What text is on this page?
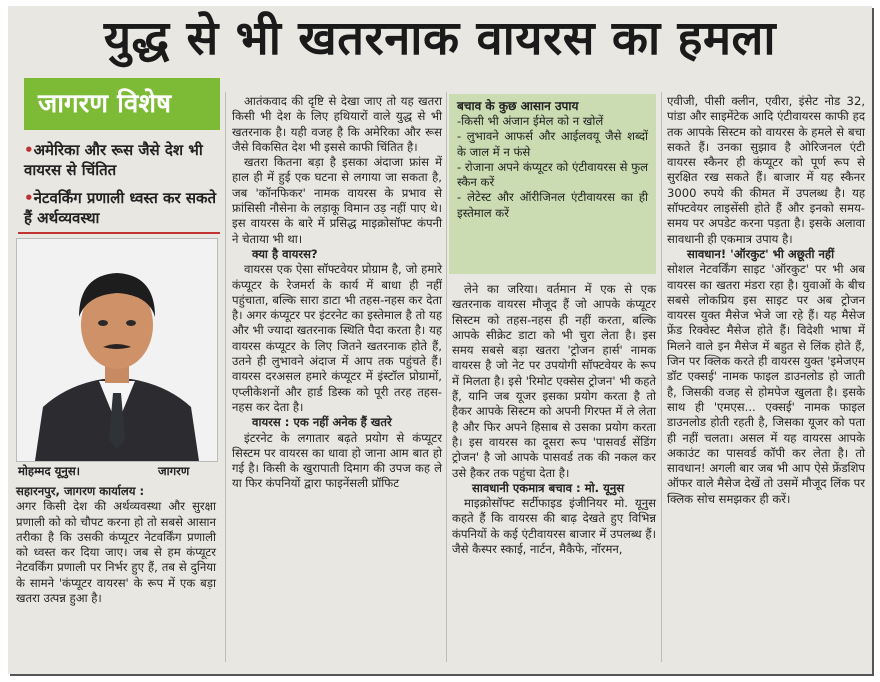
युद्ध से भी खतरनाक वायरस का हमला
जागरण विशेष
•अमेरिका और रूस जैसे देश भी वायरस से चिंतित
•नेटवर्किंग प्रणाली ध्वस्त कर सकते हैं अर्थव्यवस्था
मोहम्मद यूनुस।	जागरण

सहारनपुर, जागरण कार्यालय :

अगर किसी देश की अर्थव्यवस्था और सुरक्षा प्रणाली को को चौपट करना हो तो सबसे आसान तरीका है कि उसकी कंप्यूटर नेटवर्किंग प्रणाली को ध्वस्त कर दिया जाए। जब से हम कंप्यूटर नेटवर्किंग प्रणाली पर निर्भर हुए हैं, तब से दुनिया के सामने 'कंप्यूटर वायरस' के रूप में एक बड़ा खतरा उत्पन्न हुआ है।

आतंकवाद की दृष्टि से देखा जाए तो यह खतरा किसी भी देश के लिए हथियारों वाले युद्ध से भी खतरनाक है। यही वजह है कि अमेरिका और रूस जैसे विकसित देश भी इससे काफी चिंतित है।

खतरा कितना बड़ा है इसका अंदाजा फ्रांस में हाल ही में हुई एक घटना से लगाया जा सकता है, जब 'कॉनफिकर' नामक वायरस के प्रभाव से फ्रांसिसी नौसेना के लड़ाकू विमान उड़ नहीं पाए थे। इस वायरस के बारे में प्रसिद्ध माइक्रोसॉफ्ट कंपनी ने चेताया भी था।

क्या है वायरस?

वायरस एक ऐसा सॉफ्टवेयर प्रोग्राम है, जो हमारे कंप्यूटर के रेजमर्रा के कार्य में बाधा ही नहीं पहुंचाता, बल्कि सारा डाटा भी तहस-नहस कर देता है। अगर कंप्यूटर पर इंटरनेट का इस्तेमाल है तो यह और भी ज्यादा खतरनाक स्थिति पैदा करता है। यह वायरस कंप्यूटर के लिए जितने खतरनाक होते हैं, उतने ही लुभावने अंदाज में आप तक पहुंचते हैं। वायरस दरअसल हमारे कंप्यूटर में इंस्टॉल प्रोग्रामों, एप्लीकेशनों और हार्ड डिस्क को पूरी तरह तहस-नहस कर देता है।

वायरस : एक नहीं अनेक हैं खतरे

इंटरनेट के लगातार बढ़ते प्रयोग से कंप्यूटर सिस्टम पर वायरस का धावा हो जाना आम बात हो गई है। किसी के खुरापाती दिमाग की उपज कह ले या फिर कंपनियों द्वारा फाइनेंसली प्रॉफिट

बचाव के कुछ आसान उपाय
-किसी भी अंजान ईमेल को न खोलें
- लुभावने आफर्स और आईलवयू जैसे शब्दों के जाल में न फंसे
- रोजाना अपने कंप्यूटर को एंटीवायरस से फुल स्कैन करें
- लेटेस्ट और ऑरीजिनल एंटीवायरस का ही इस्तेमाल करें

लेने का जरिया। वर्तमान में एक से एक खतरनाक वायरस मौजूद हैं जो आपके कंप्यूटर सिस्टम को तहस-नहस ही नहीं करता, बल्कि आपके सीक्रेट डाटा को भी चुरा लेता है। इस समय सबसे बड़ा खतरा 'ट्रोजन हार्स' नामक वायरस है जो नेट पर उपयोगी सॉफ्टवेयर के रूप में मिलता है। इसे 'रिमोट एक्सेस ट्रोजन' भी कहते हैं, यानि जब यूजर इसका प्रयोग करता है तो हैकर आपके सिस्टम को अपनी गिरफ्त में ले लेता है और फिर अपने हिसाब से उसका प्रयोग करता है। इस वायरस का दूसरा रूप 'पासवर्ड सेंडिंग ट्रोजन' है जो आपके पासवर्ड तक की नकल कर उसे हैकर तक पहुंचा देता है।

सावधानी एकमात्र बचाव : मो. यूनुस

माइक्रोसॉफ्ट सर्टीफाइड इंजीनियर मो. यूनुस कहते हैं कि वायरस की बाढ़ देखते हुए विभिन्न कंपनियों के कई एंटीवायरस बाजार में उपलब्ध हैं। जैसे कैस्पर स्काई, नार्टन, मैकैफे, नॉरमन,

एवीजी, पीसी क्लीन, एवीरा, इंसेट नोड 32, पांडा और साइमेंटेक आदि एंटीवायरस काफी हद तक आपके सिस्टम को वायरस के हमले से बचा सकते हैं। उनका सुझाव है ओरिजनल एंटी वायरस स्कैनर ही कंप्यूटर को पूर्ण रूप से सुरक्षित रख सकते हैं। बाजार में यह स्कैनर 3000 रुपये की कीमत में उपलब्ध है। यह सॉफ्टवेयर लाइसेंसी होते हैं और इनको समय-समय पर अपडेट करना पड़ता है। इसके अलावा सावधानी ही एकमात्र उपाय है।

सावधान! 'ऑरकुट' भी अछूती नहीं

सोशल नेटवर्किंग साइट 'ऑरकुट' पर भी अब वायरस का खतरा मंडरा रहा है। युवाओं के बीच सबसे लोकप्रिय इस साइट पर अब ट्रोजन वायरस युक्त मैसेज भेजे जा रहे हैं। यह मैसेज फ्रेंड रिक्वेस्ट मैसेज होते हैं। विदेशी भाषा में मिलने वाले इन मैसेज में बहुत से लिंक होते हैं, जिन पर क्लिक करते ही वायरस युक्त 'इमेजएम डॉट एक्सई' नामक फाइल डाउनलोड हो जाती है, जिसकी वजह से होमपेज खुलता है। इसके साथ ही 'एमएस... एक्सई' नामक फाइल डाउनलोड होती रहती है, जिसका यूजर को पता ही नहीं चलता। असल में यह वायरस आपके अकाउंट का पासवर्ड कॉपी कर लेता है। तो सावधान! अगली बार जब भी आप ऐसे फ्रेंडशिप ऑफर वाले मैसेज देखें तो उसमें मौजूद लिंक पर क्लिक सोच समझकर ही करें।
